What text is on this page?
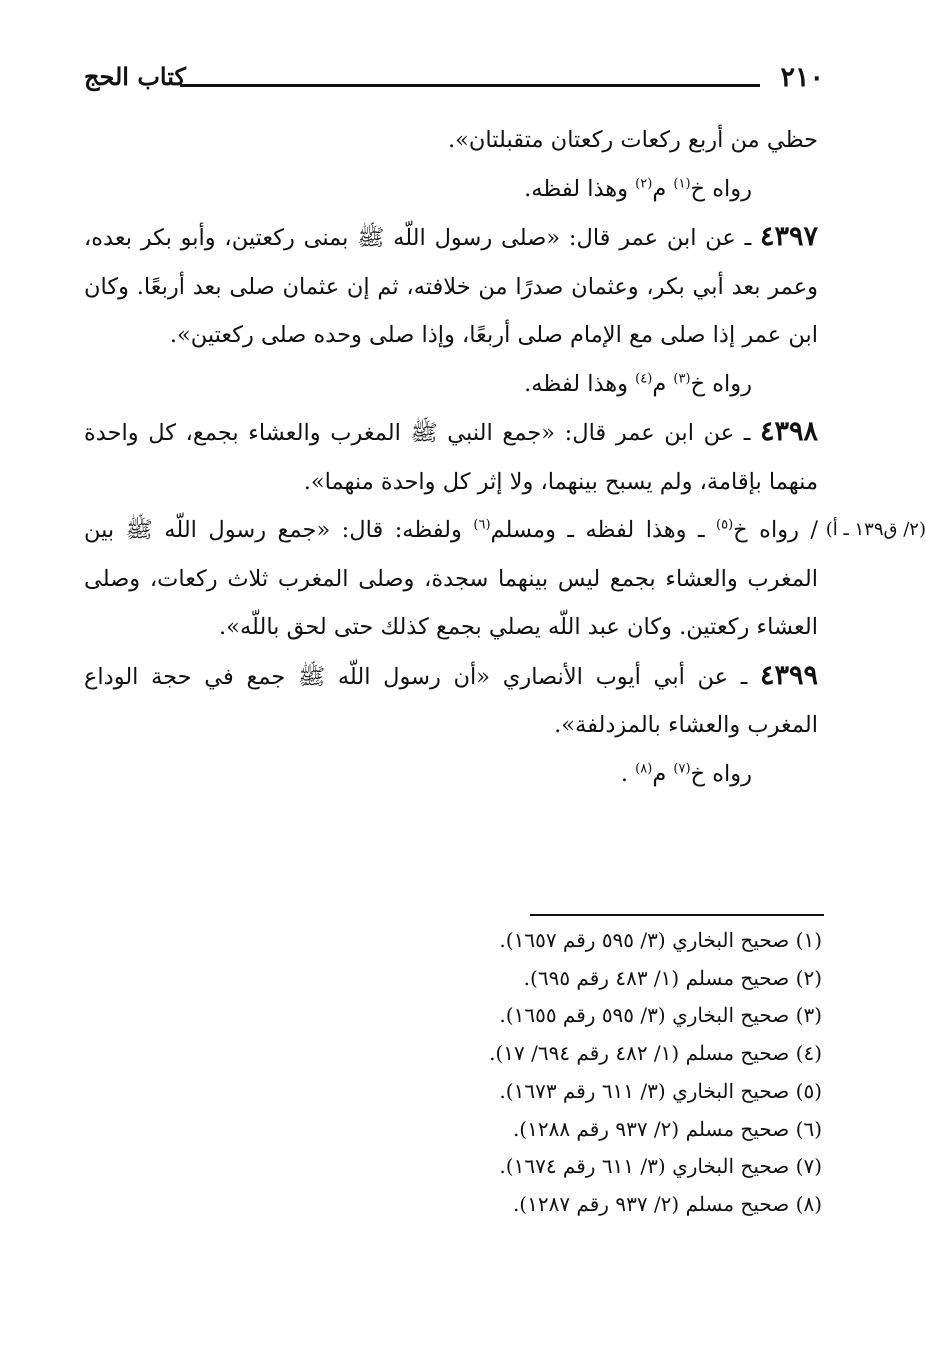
٢١٠
كتاب الحج

حظي من أربع ركعات ركعتان متقبلتان».

رواه خ$^{(١)}$ م$^{(٢)}$ وهذا لفظه.

٤٣٩٧ ـ عن ابن عمر قال: «صلى رسول اللّه ﷺ بمنى ركعتين، وأبو بكر بعده، وعمر بعد أبي بكر، وعثمان صدرًا من خلافته، ثم إن عثمان صلى بعد أربعًا. وكان ابن عمر إذا صلى مع الإمام صلى أربعًا، وإذا صلى وحده صلى ركعتين».

رواه خ$^{(٣)}$ م$^{(٤)}$ وهذا لفظه.

٤٣٩٨ ـ عن ابن عمر قال: «جمع النبي ﷺ المغرب والعشاء بجمع، كل واحدة منهما بإقامة، ولم يسبح بينهما، ولا إثر كل واحدة منهما».

(٢/ ق١٣٩ ـ أ)
/ رواه خ$^{(٥)}$ ـ وهذا لفظه ـ ومسلم$^{(٦)}$ ولفظه: قال: «جمع رسول اللّه ﷺ بين المغرب والعشاء بجمع ليس بينهما سجدة، وصلى المغرب ثلاث ركعات، وصلى العشاء ركعتين. وكان عبد اللّه يصلي بجمع كذلك حتى لحق باللّه».

٤٣٩٩ ـ عن أبي أيوب الأنصاري «أن رسول اللّه ﷺ جمع في حجة الوداع المغرب والعشاء بالمزدلفة».

رواه خ$^{(٧)}$ م$^{(٨)}$ .

(١) صحيح البخاري (٣/ ٥٩٥ رقم ١٦٥٧).
(٢) صحيح مسلم (١/ ٤٨٣ رقم ٦٩٥).
(٣) صحيح البخاري (٣/ ٥٩٥ رقم ١٦٥٥).
(٤) صحيح مسلم (١/ ٤٨٢ رقم ٦٩٤/ ١٧).
(٥) صحيح البخاري (٣/ ٦١١ رقم ١٦٧٣).
(٦) صحيح مسلم (٢/ ٩٣٧ رقم ١٢٨٨).
(٧) صحيح البخاري (٣/ ٦١١ رقم ١٦٧٤).
(٨) صحيح مسلم (٢/ ٩٣٧ رقم ١٢٨٧).
